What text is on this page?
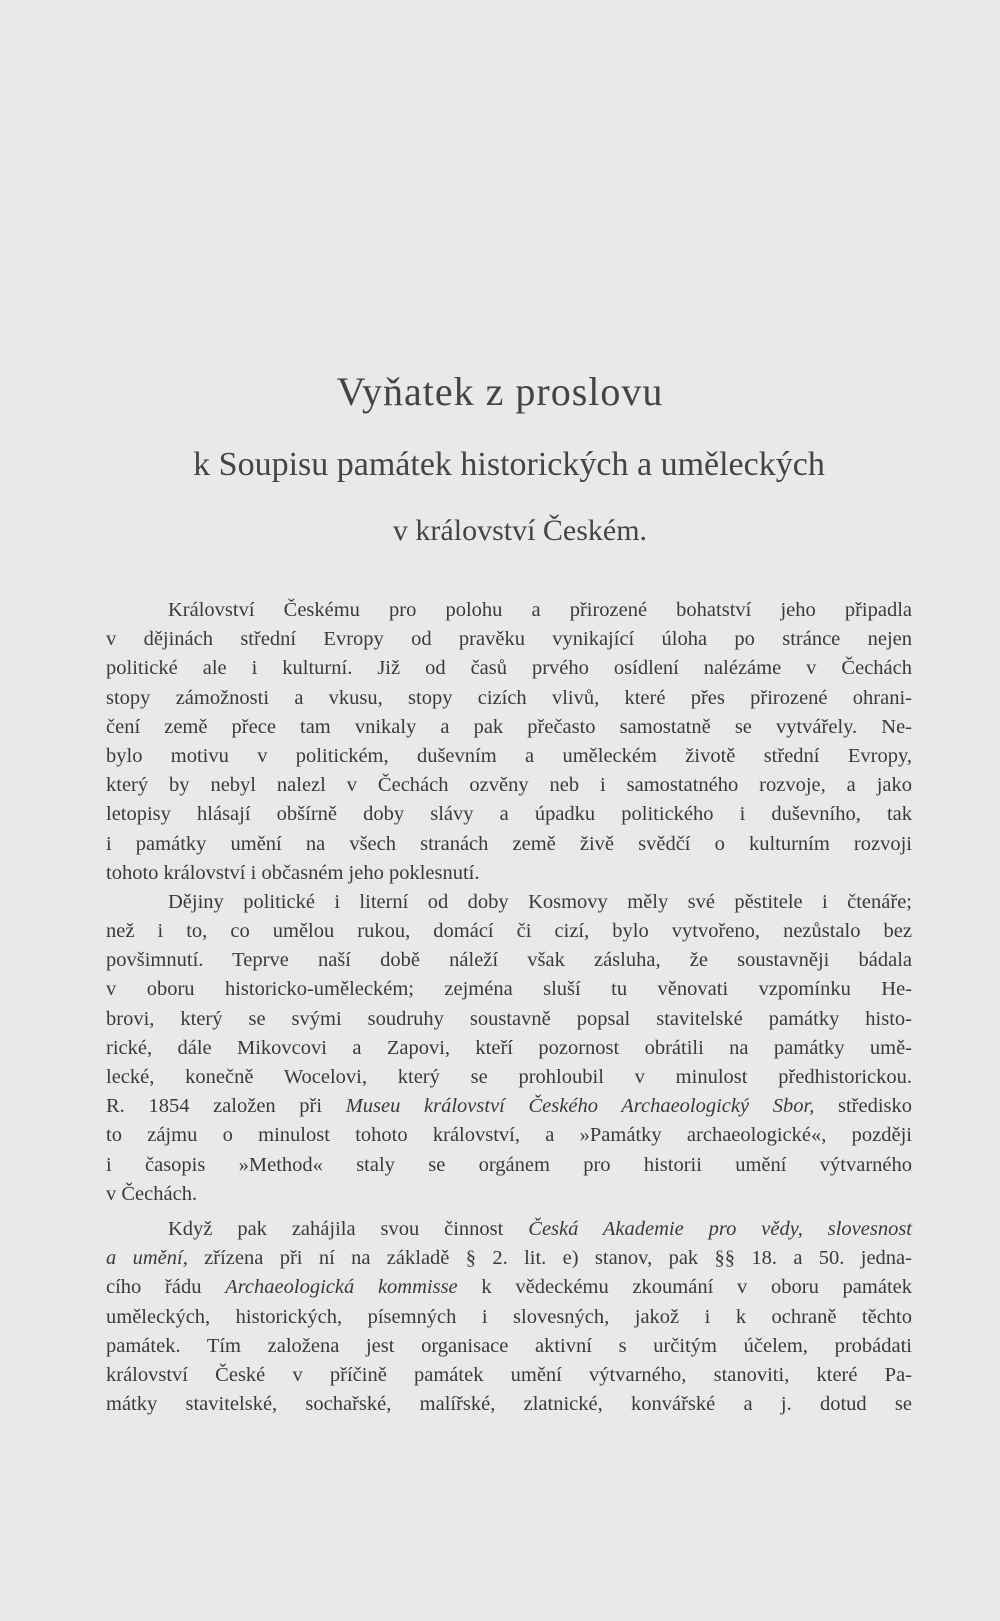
Vyňatek z proslovu
k Soupisu památek historických a uměleckých
v království Českém.
Království Českému pro polohu a přirozené bohatství jeho připadla
v dějinách střední Evropy od pravěku vynikající úloha po stránce nejen
politické ale i kulturní. Již od časů prvého osídlení nalézáme v Čechách
stopy zámožnosti a vkusu, stopy cizích vlivů, které přes přirozené ohrani-
čení země přece tam vnikaly a pak přečasto samostatně se vytvářely. Ne-
bylo motivu v politickém, duševním a uměleckém životě střední Evropy,
který by nebyl nalezl v Čechách ozvěny neb i samostatného rozvoje, a jako
letopisy hlásají obšírně doby slávy a úpadku politického i duševního, tak
i památky umění na všech stranách země živě svědčí o kulturním rozvoji
tohoto království i občasném jeho poklesnutí.
Dějiny politické i literní od doby Kosmovy měly své pěstitele i čtenáře;
než i to, co umělou rukou, domácí či cizí, bylo vytvořeno, nezůstalo bez
povšimnutí. Teprve naší době náleží však zásluha, že soustavněji bádala
v oboru historicko-uměleckém; zejména sluší tu věnovati vzpomínku He-
brovi, který se svými soudruhy soustavně popsal stavitelské památky histo-
rické, dále Mikovcovi a Zapovi, kteří pozornost obrátili na památky umě-
lecké, konečně Wocelovi, který se prohloubil v minulost předhistorickou.
R. 1854 založen při Museu království Českého Archaeologický Sbor, středisko
to zájmu o minulost tohoto království, a »Památky archaeologické«, později
i časopis »Method« staly se orgánem pro historii umění výtvarného
v Čechách.
Když pak zahájila svou činnost Česká Akademie pro vědy, slovesnost
a umění, zřízena při ní na základě § 2. lit. e) stanov, pak §§ 18. a 50. jedna-
cího řádu Archaeologická kommisse k vědeckému zkoumání v oboru památek
uměleckých, historických, písemných i slovesných, jakož i k ochraně těchto
památek. Tím založena jest organisace aktivní s určitým účelem, probádati
království České v příčině památek umění výtvarného, stanoviti, které Pa-
mátky stavitelské, sochařské, malířské, zlatnické, konvářské a j. dotud se
